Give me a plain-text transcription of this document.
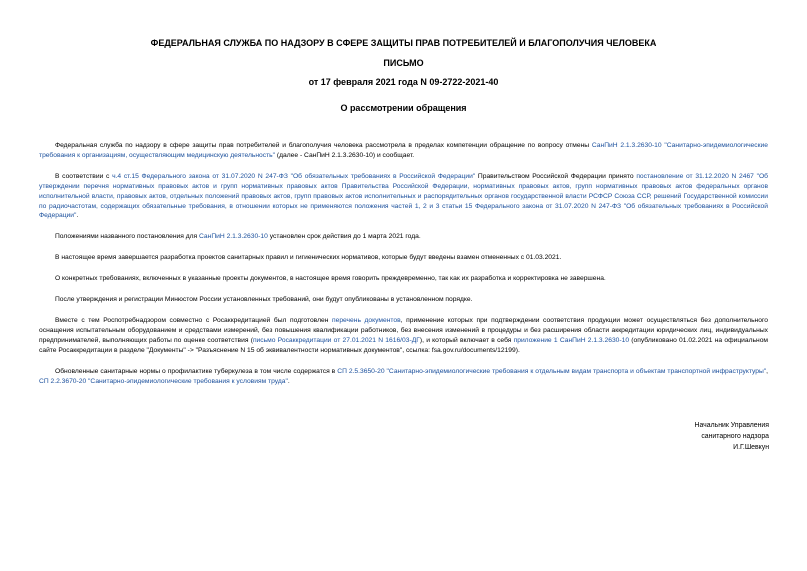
ФЕДЕРАЛЬНАЯ СЛУЖБА ПО НАДЗОРУ В СФЕРЕ ЗАЩИТЫ ПРАВ ПОТРЕБИТЕЛЕЙ И БЛАГОПОЛУЧИЯ ЧЕЛОВЕКА
ПИСЬМО
от 17 февраля 2021 года N 09-2722-2021-40
О рассмотрении обращения

Федеральная служба по надзору в сфере защиты прав потребителей и благополучия человека рассмотрела в пределах компетенции обращение по вопросу отмены СанПиН 2.1.3.2630-10 "Санитарно-эпидемиологические требования к организациям, осуществляющим медицинскую деятельность" (далее - СанПиН 2.1.3.2630-10) и сообщает.

В соответствии с ч.4 ст.15 Федерального закона от 31.07.2020 N 247-ФЗ "Об обязательных требованиях в Российской Федерации" Правительством Российской Федерации принято постановление от 31.12.2020 N 2467 "Об утверждении перечня нормативных правовых актов и групп нормативных правовых актов Правительства Российской Федерации, нормативных правовых актов, групп нормативных правовых актов федеральных органов исполнительной власти, правовых актов, отдельных положений правовых актов, групп правовых актов исполнительных и распорядительных органов государственной власти РСФСР Союза ССР, решений Государственной комиссии по радиочастотам, содержащих обязательные требования, в отношении которых не применяются положения частей 1, 2 и 3 статьи 15 Федерального закона от 31.07.2020 N 247-ФЗ "Об обязательных требованиях в Российской Федерации".

Положениями названного постановления для СанПиН 2.1.3.2630-10 установлен срок действия до 1 марта 2021 года.

В настоящее время завершается разработка проектов санитарных правил и гигиенических нормативов, которые будут введены взамен отмененных с 01.03.2021.

О конкретных требованиях, включенных в указанные проекты документов, в настоящее время говорить преждевременно, так как их разработка и корректировка не завершена.

После утверждения и регистрации Минюстом России установленных требований, они будут опубликованы в установленном порядке.

Вместе с тем Роспотребнадзором совместно с Росаккредитацией был подготовлен перечень документов, применение которых при подтверждении соответствия продукции может осуществляться без дополнительного оснащения испытательным оборудованием и средствами измерений, без повышения квалификации работников, без внесения изменений в процедуры и без расширения области аккредитации юридических лиц, индивидуальных предпринимателей, выполняющих работы по оценке соответствия (письмо Росаккредитации от 27.01.2021 N 1616/03-ДГ), и который включает в себя приложение 1 СанПиН 2.1.3.2630-10 (опубликовано 01.02.2021 на официальном сайте Росаккредитации в разделе "Документы" -> "Разъяснение N 15 об эквивалентности нормативных документов", ссылка: fsa.gov.ru/documents/12199).

Обновленные санитарные нормы о профилактике туберкулеза в том числе содержатся в СП 2.5.3650-20 "Санитарно-эпидемиологические требования к отдельным видам транспорта и объектам транспортной инфраструктуры", СП 2.2.3670-20 "Санитарно-эпидемиологические требования к условиям труда".

Начальник Управления
санитарного надзора
И.Г.Шевкун
